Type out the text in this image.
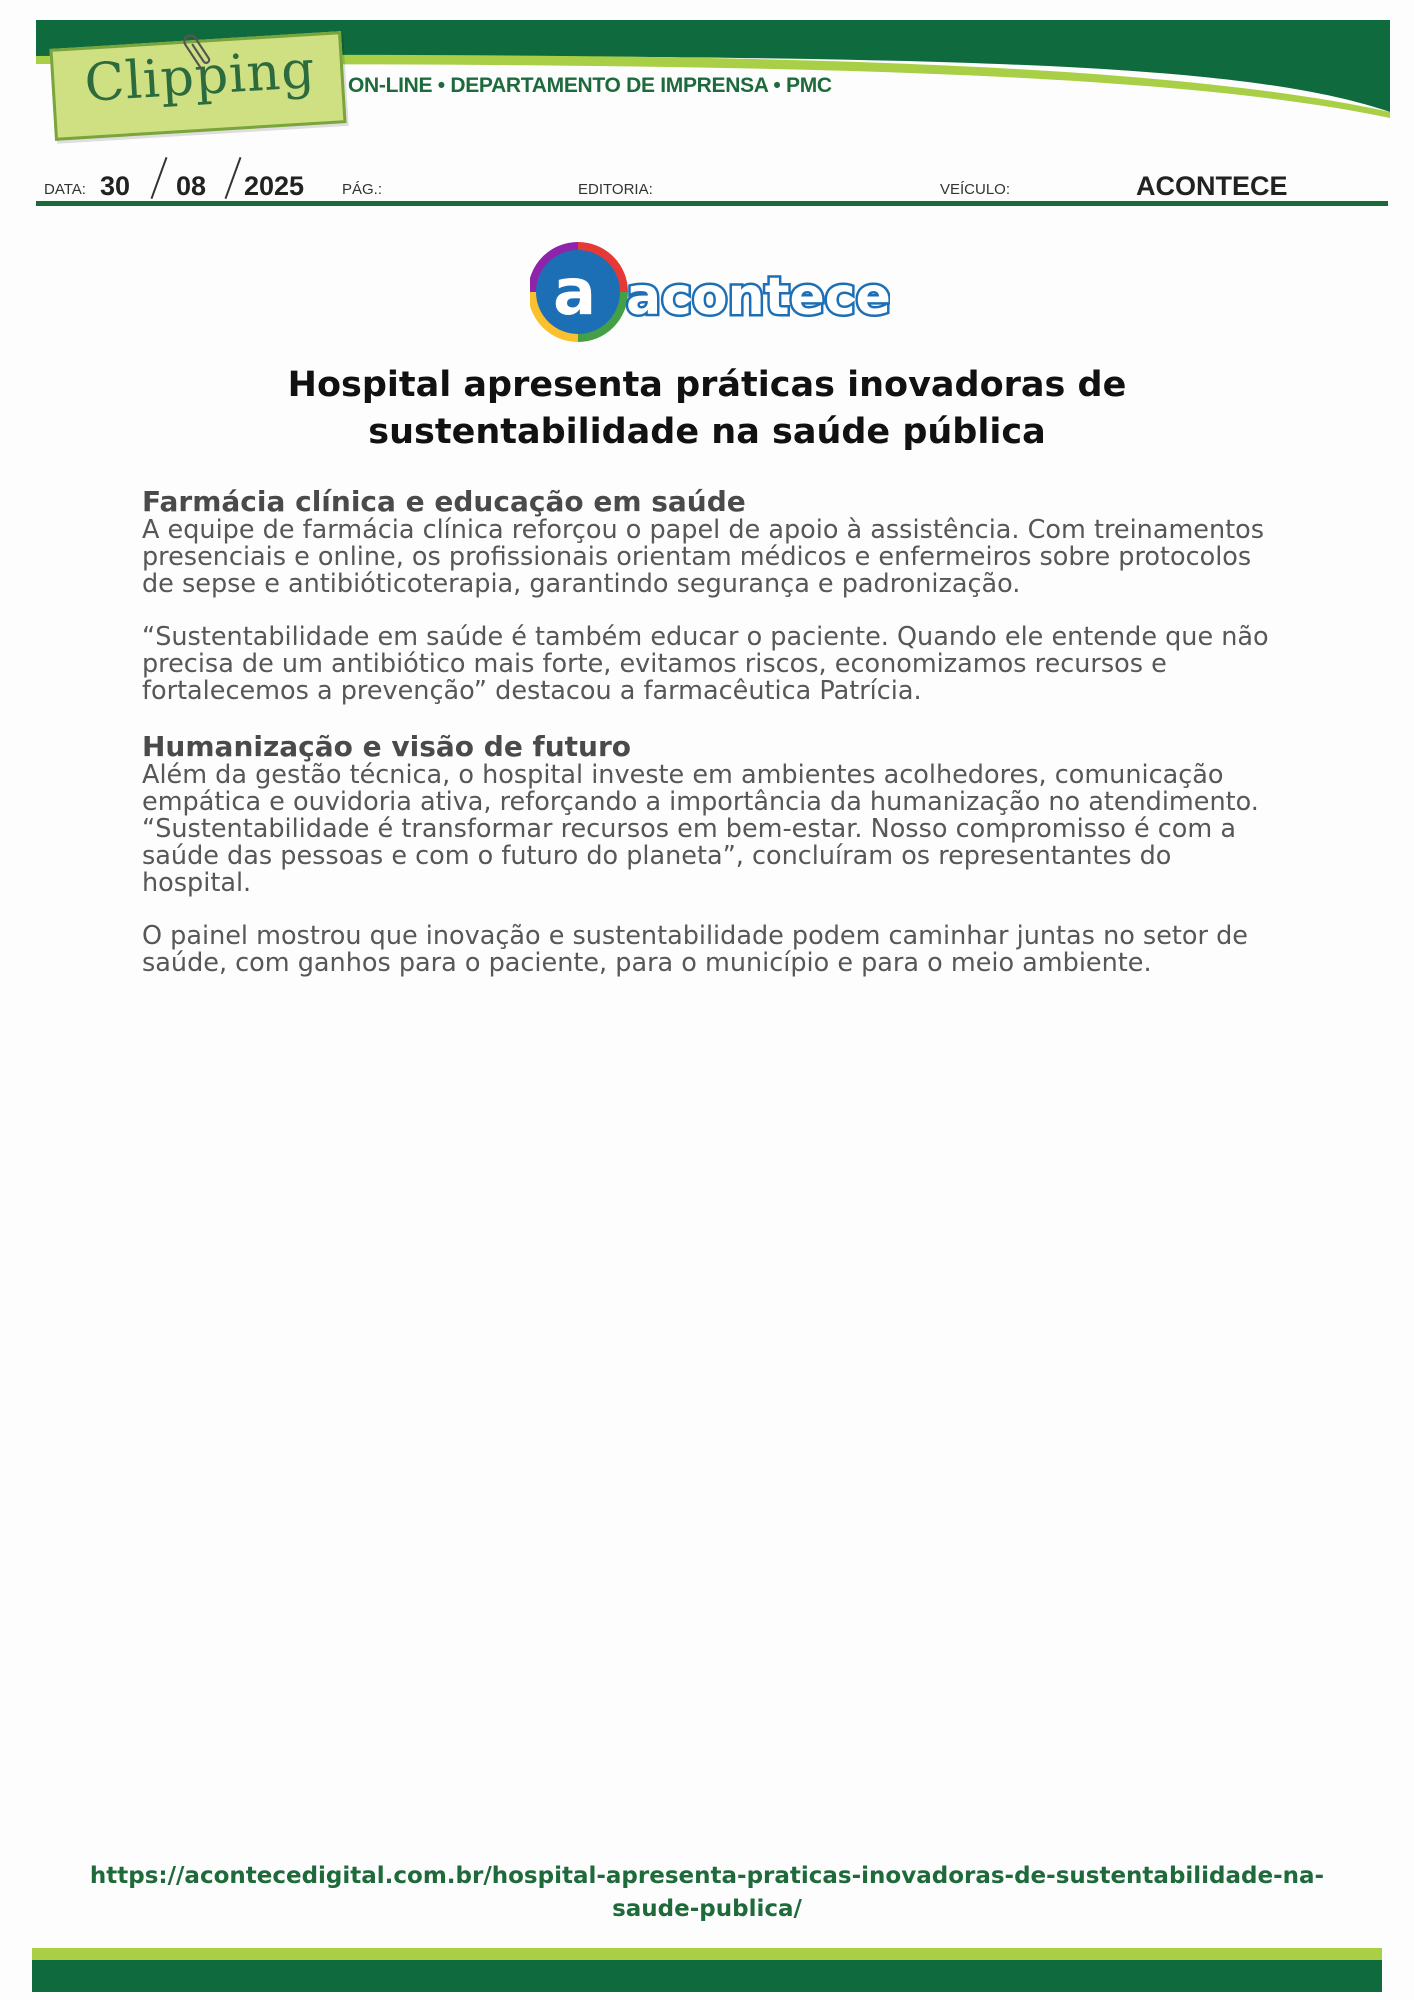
Clipping ON-LINE • DEPARTAMENTO DE IMPRENSA • PMC
DATA: 30 08 2025	PÁG.:	EDITORIA:	VEÍCULO:	ACONTECE
a acontece
Hospital apresenta práticas inovadoras de sustentabilidade na saúde pública
Farmácia clínica e educação em saúde

A equipe de farmácia clínica reforçou o papel de apoio à assistência. Com treinamentos presenciais e online, os profissionais orientam médicos e enfermeiros sobre protocolos de sepse e antibióticoterapia, garantindo segurança e padronização.

“Sustentabilidade em saúde é também educar o paciente. Quando ele entende que não precisa de um antibiótico mais forte, evitamos riscos, economizamos recursos e fortalecemos a prevenção” destacou a farmacêutica Patrícia.

Humanização e visão de futuro

Além da gestão técnica, o hospital investe em ambientes acolhedores, comunicação empática e ouvidoria ativa, reforçando a importância da humanização no atendimento.

“Sustentabilidade é transformar recursos em bem-estar. Nosso compromisso é com a saúde das pessoas e com o futuro do planeta”, concluíram os representantes do hospital.

O painel mostrou que inovação e sustentabilidade podem caminhar juntas no setor de saúde, com ganhos para o paciente, para o município e para o meio ambiente.

https://acontecedigital.com.br/hospital-apresenta-praticas-inovadoras-de-sustentabilidade-na-saude-publica/
